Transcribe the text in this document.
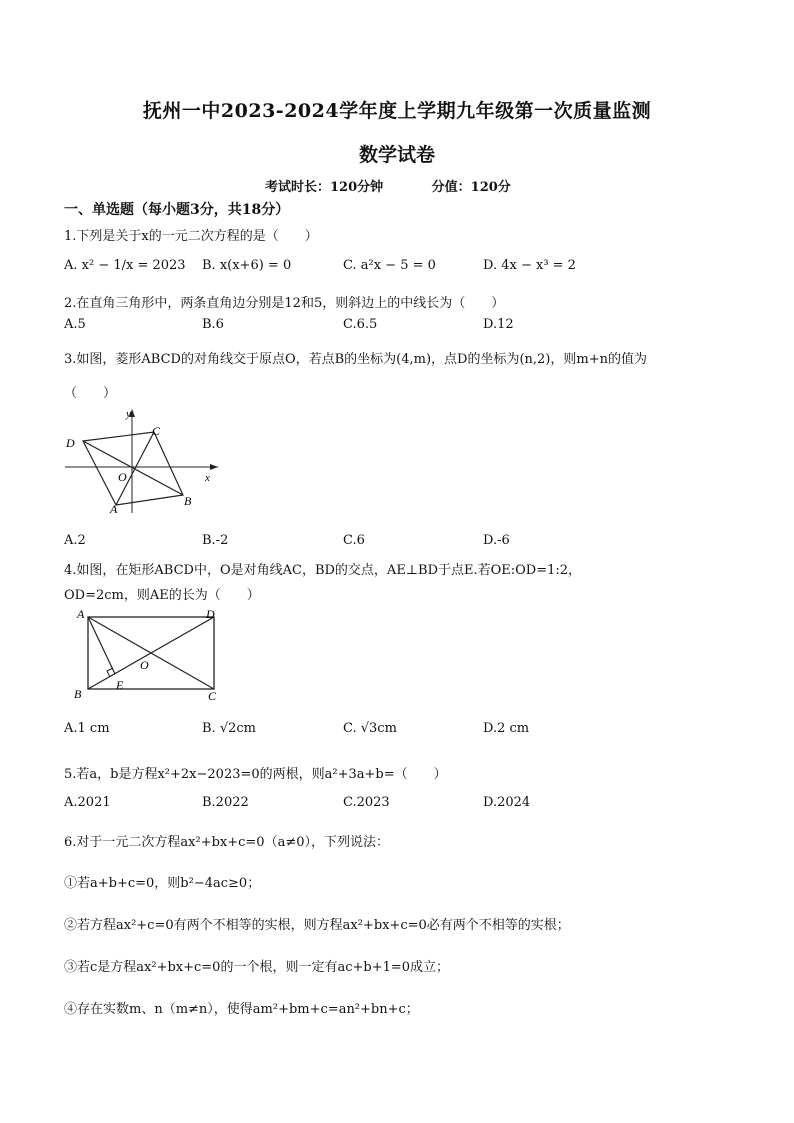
抚州一中2023-2024学年度上学期九年级第一次质量监测
数学试卷
考试时长：120分钟	分值：120分
一、单选题（每小题3分，共18分）
1.下列是关于x的一元二次方程的是（　　）
A. x² − 1/x = 2023 B. x(x+6) = 0	C. a²x − 5 = 0	D. 4x − x³ = 2
2.在直角三角形中，两条直角边分别是12和5，则斜边上的中线长为（　　）
A.5	B.6	C.6.5	D.12
3.如图，菱形ABCD的对角线交于原点O，若点B的坐标为(4,m)，点D的坐标为(n,2)，则m+n的值为
（　　）
y
x
O
A
B
C
D
A.2	B.-2	C.6	D.-6
4.如图，在矩形ABCD中，O是对角线AC，BD的交点，AE⊥BD于点E.若OE:OD=1:2，
OD=2cm，则AE的长为（　　）
A
B	C
D
O
E
A.1 cm	B. √2cm	C. √3cm	D.2 cm
5.若a，b是方程x²+2x−2023=0的两根，则a²+3a+b=（　　）
A.2021	B.2022	C.2023	D.2024
6.对于一元二次方程ax²+bx+c=0（a≠0），下列说法：
①若a+b+c=0，则b²−4ac≥0；
②若方程ax²+c=0有两个不相等的实根，则方程ax²+bx+c=0必有两个不相等的实根；
③若c是方程ax²+bx+c=0的一个根，则一定有ac+b+1=0成立；
④存在实数m、n（m≠n），使得am²+bm+c=an²+bn+c；
